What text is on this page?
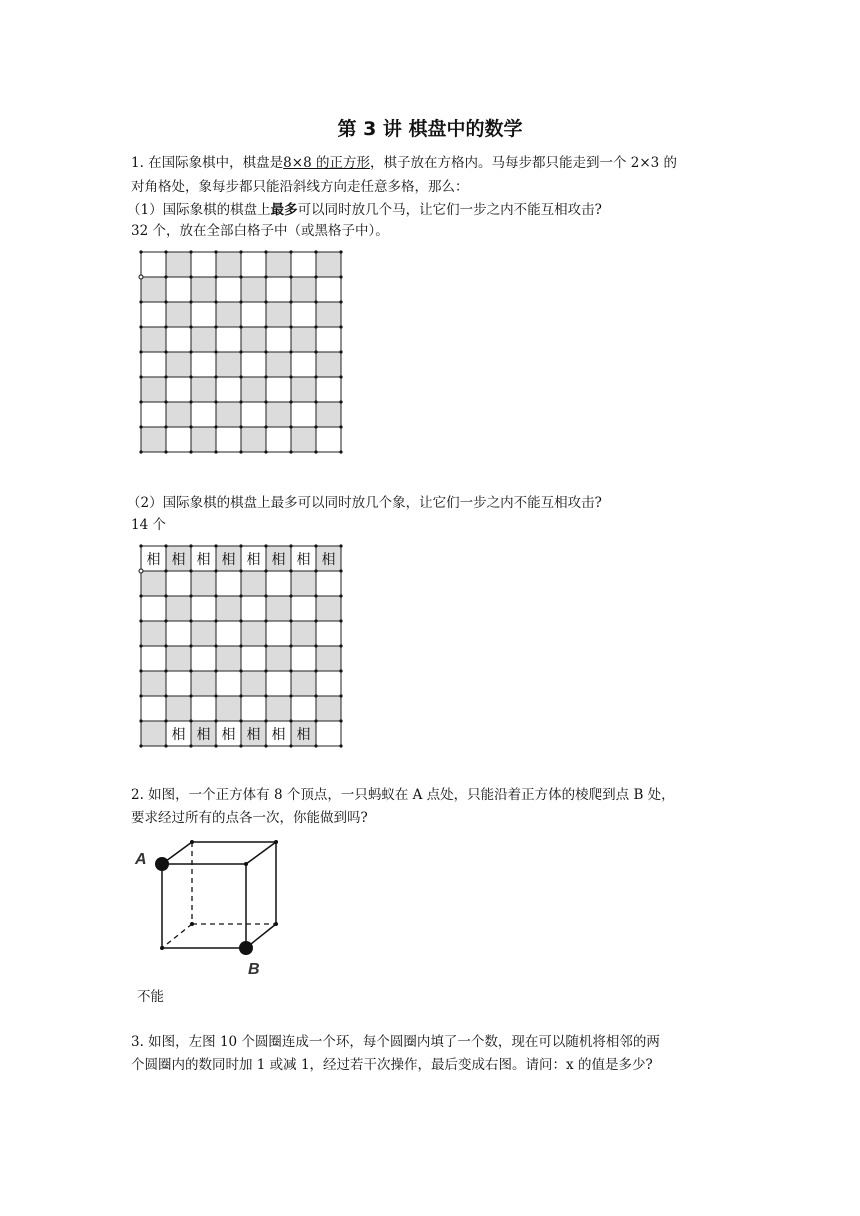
第 3 讲 棋盘中的数学
1. 在国际象棋中，棋盘是8×8 的正方形，棋子放在方格内。马每步都只能走到一个 2×3 的
对角格处，象每步都只能沿斜线方向走任意多格，那么：
（1）国际象棋的棋盘上最多可以同时放几个马，让它们一步之内不能互相攻击?
32 个，放在全部白格子中（或黑格子中）。
（2）国际象棋的棋盘上最多可以同时放几个象，让它们一步之内不能互相攻击?
14 个
相 相 相 相 相 相 相 相
相 相 相 相 相 相
2. 如图，一个正方体有 8 个顶点，一只蚂蚁在 A 点处，只能沿着正方体的棱爬到点 B 处，
要求经过所有的点各一次，你能做到吗?
A
B
不能
3. 如图，左图 10 个圆圈连成一个环，每个圆圈内填了一个数，现在可以随机将相邻的两
个圆圈内的数同时加 1 或减 1，经过若干次操作，最后变成右图。请问：x 的值是多少?
